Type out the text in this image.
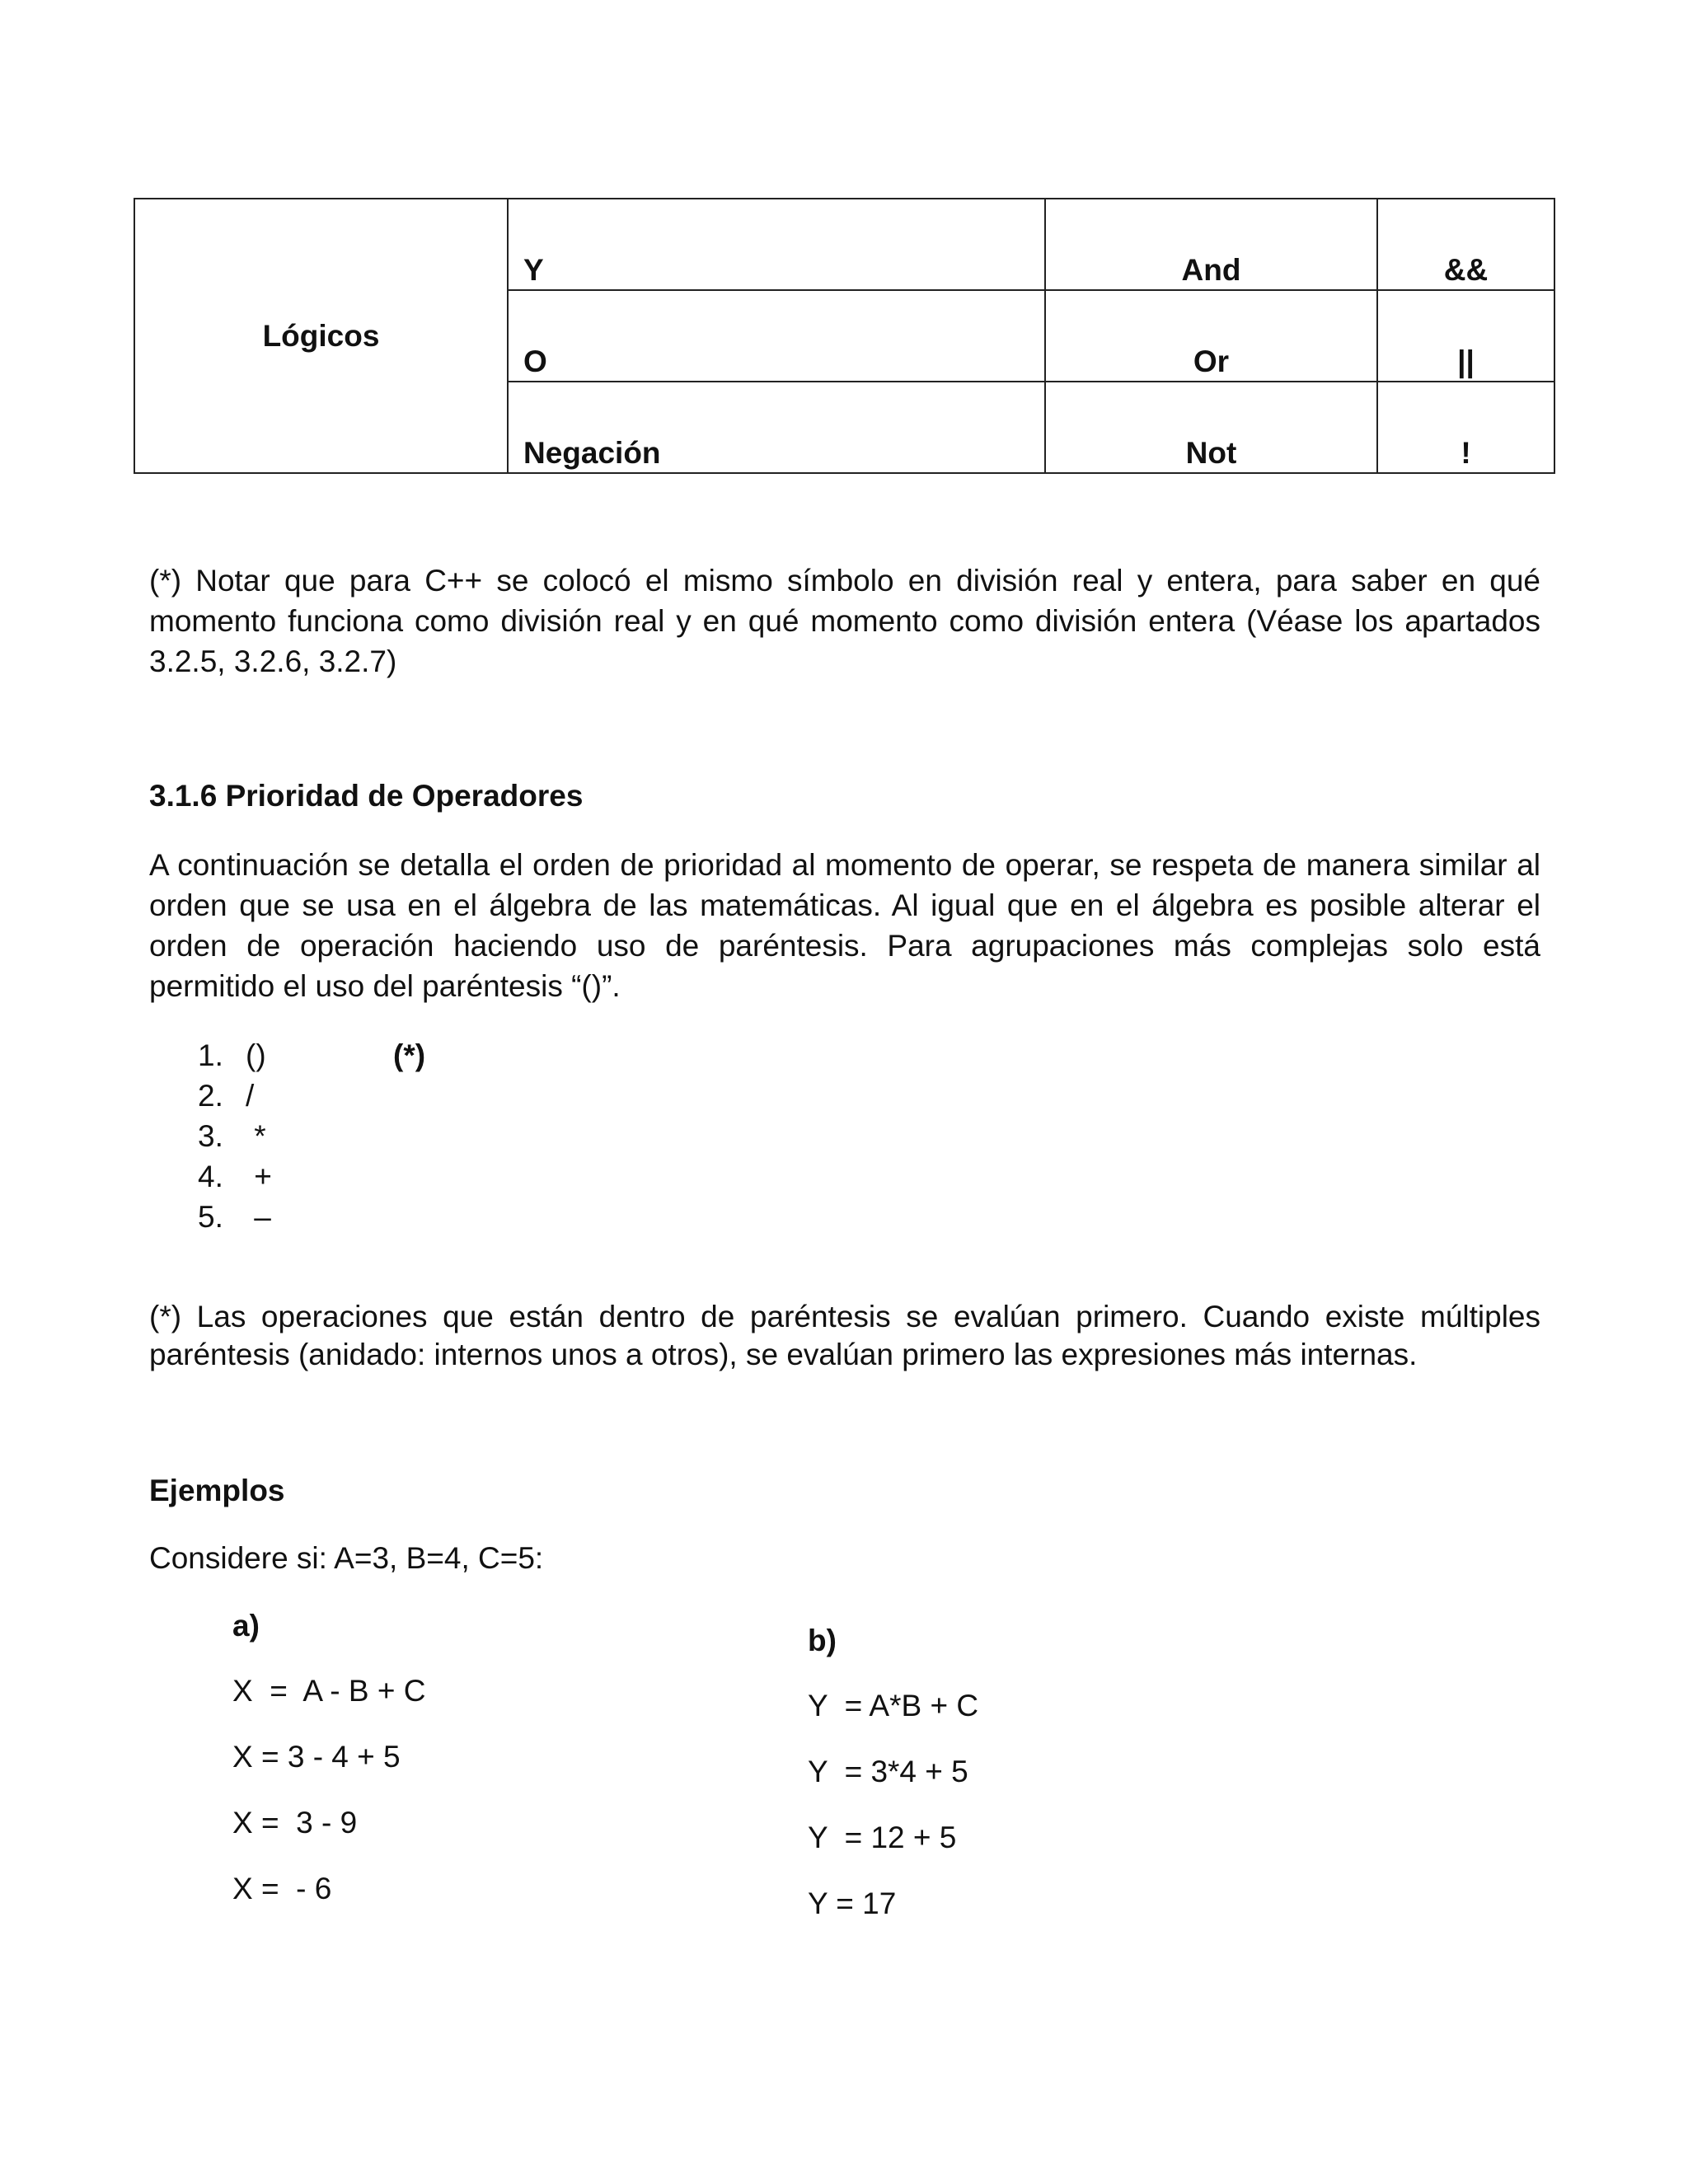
Lógicos	Y	And	&&
	O	Or	||
	Negación	Not	!

(*) Notar que para C++ se colocó el mismo símbolo en división real y entera, para saber en qué momento funciona como división real y en qué momento como división entera (Véase los apartados 3.2.5, 3.2.6, 3.2.7)

3.1.6 Prioridad de Operadores

A continuación se detalla el orden de prioridad al momento de operar, se respeta de manera similar al orden que se usa en el álgebra de las matemáticas. Al igual que en el álgebra es posible alterar el orden de operación haciendo uso de paréntesis. Para agrupaciones más complejas solo está permitido el uso del paréntesis “()”.

1. ()	(*)
2. /
3. *
4. +
5. –

(*) Las operaciones que están dentro de paréntesis se evalúan primero. Cuando existe múltiples paréntesis (anidado: internos unos a otros), se evalúan primero las expresiones más internas.

Ejemplos

Considere si: A=3, B=4, C=5:

a)

X  =  A - B + C

X = 3 - 4 + 5

X =  3 - 9

X =  - 6

b)

Y  = A*B + C

Y  = 3*4 + 5

Y  = 12 + 5

Y = 17
